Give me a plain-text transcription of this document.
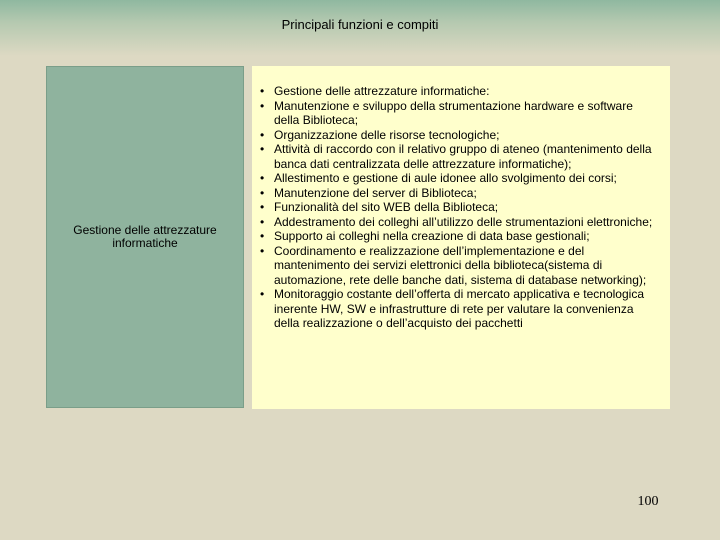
Principali funzioni e compiti
Gestione delle attrezzature informatiche
• Gestione delle attrezzature informatiche:
• Manutenzione e sviluppo della strumentazione hardware e software della Biblioteca;
• Organizzazione delle risorse tecnologiche;
• Attività di raccordo con il relativo gruppo di ateneo (mantenimento della banca dati centralizzata delle attrezzature informatiche);
• Allestimento e gestione di aule idonee allo svolgimento dei corsi;
• Manutenzione del server di Biblioteca;
• Funzionalità del sito WEB della Biblioteca;
• Addestramento dei colleghi all’utilizzo delle strumentazioni elettroniche;
• Supporto ai colleghi nella creazione di data base gestionali;
• Coordinamento e realizzazione dell’implementazione e del mantenimento dei servizi elettronici della biblioteca(sistema di automazione, rete delle banche dati, sistema di database networking);
• Monitoraggio costante dell’offerta di mercato applicativa e tecnologica inerente HW, SW e infrastrutture di rete per valutare la convenienza della realizzazione o dell’acquisto dei pacchetti
100
